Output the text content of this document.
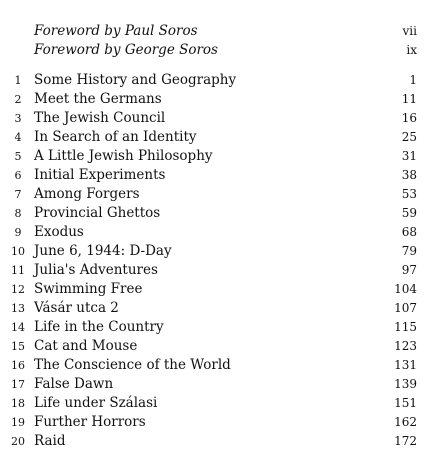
Foreword by Paul Soros	vii
Foreword by George Soros	ix
1 Some History and Geography	1
2 Meet the Germans	11
3 The Jewish Council	16
4 In Search of an Identity	25
5 A Little Jewish Philosophy	31
6 Initial Experiments	38
7 Among Forgers	53
8 Provincial Ghettos	59
9 Exodus	68
10 June 6, 1944: D-Day	79
11 Julia's Adventures	97
12 Swimming Free	104
13 Vásár utca 2	107
14 Life in the Country	115
15 Cat and Mouse	123
16 The Conscience of the World	131
17 False Dawn	139
18 Life under Szálasi	151
19 Further Horrors	162
20 Raid	172
